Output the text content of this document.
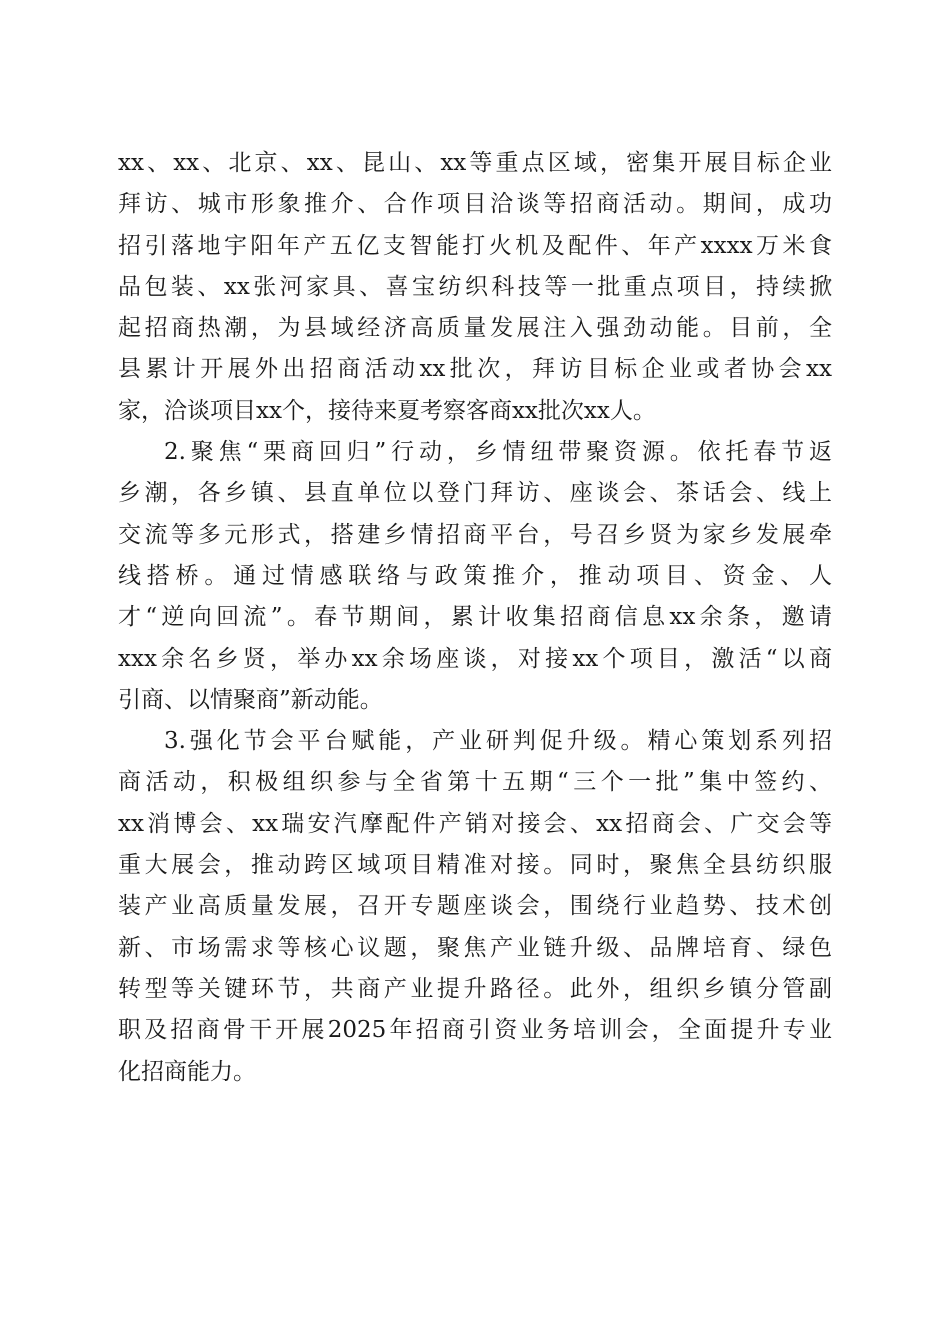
xx、xx、北京、xx、昆山、xx等重点区域，密集开展目标企业
拜访、城市形象推介、合作项目洽谈等招商活动。期间，成功
招引落地宇阳年产五亿支智能打火机及配件、年产xxxx万米食
品包装、xx张河家具、喜宝纺织科技等一批重点项目，持续掀
起招商热潮，为县域经济高质量发展注入强劲动能。目前，全
县累计开展外出招商活动xx批次，拜访目标企业或者协会xx
家，洽谈项目xx个，接待来夏考察客商xx批次xx人。
2.聚焦“栗商回归”行动，乡情纽带聚资源。依托春节返
乡潮，各乡镇、县直单位以登门拜访、座谈会、茶话会、线上
交流等多元形式，搭建乡情招商平台，号召乡贤为家乡发展牵
线搭桥。通过情感联络与政策推介，推动项目、资金、人
才“逆向回流”。春节期间，累计收集招商信息xx余条，邀请
xxx余名乡贤，举办xx余场座谈，对接xx个项目，激活“以商
引商、以情聚商”新动能。
3.强化节会平台赋能，产业研判促升级。精心策划系列招
商活动，积极组织参与全省第十五期“三个一批”集中签约、
xx消博会、xx瑞安汽摩配件产销对接会、xx招商会、广交会等
重大展会，推动跨区域项目精准对接。同时，聚焦全县纺织服
装产业高质量发展，召开专题座谈会，围绕行业趋势、技术创
新、市场需求等核心议题，聚焦产业链升级、品牌培育、绿色
转型等关键环节，共商产业提升路径。此外，组织乡镇分管副
职及招商骨干开展2025年招商引资业务培训会，全面提升专业
化招商能力。
